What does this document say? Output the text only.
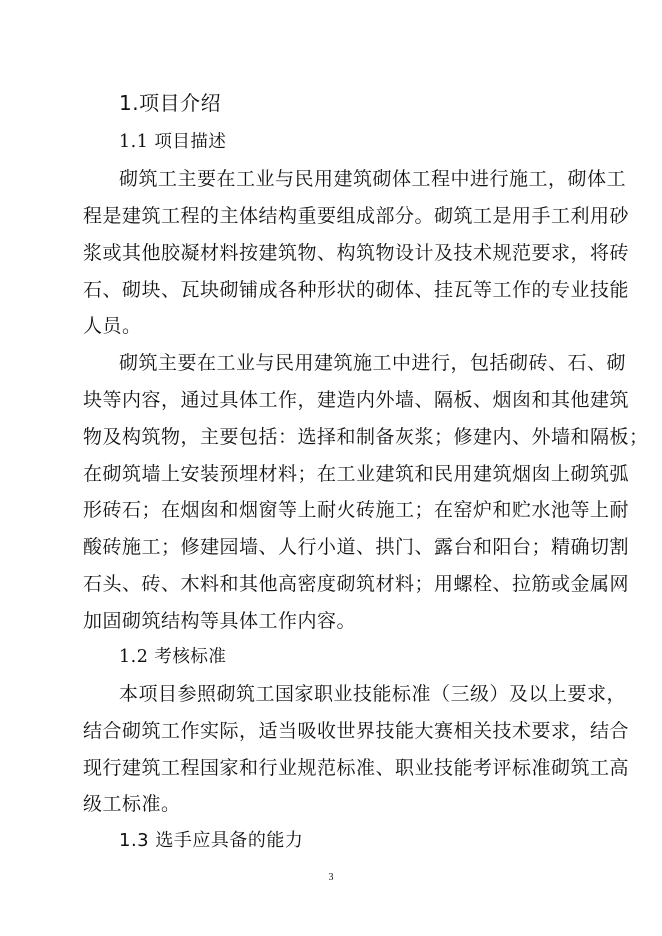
1.项目介绍
1.1 项目描述
砌筑工主要在工业与民用建筑砌体工程中进行施工，砌体工
程是建筑工程的主体结构重要组成部分。砌筑工是用手工利用砂
浆或其他胶凝材料按建筑物、构筑物设计及技术规范要求，将砖
石、砌块、瓦块砌铺成各种形状的砌体、挂瓦等工作的专业技能
人员。
砌筑主要在工业与民用建筑施工中进行，包括砌砖、石、砌
块等内容，通过具体工作，建造内外墙、隔板、烟囱和其他建筑
物及构筑物，主要包括：选择和制备灰浆；修建内、外墙和隔板；
在砌筑墙上安装预埋材料；在工业建筑和民用建筑烟囱上砌筑弧
形砖石；在烟囱和烟窗等上耐火砖施工；在窑炉和贮水池等上耐
酸砖施工；修建园墙、人行小道、拱门、露台和阳台；精确切割
石头、砖、木料和其他高密度砌筑材料；用螺栓、拉筋或金属网
加固砌筑结构等具体工作内容。
1.2 考核标准
本项目参照砌筑工国家职业技能标准（三级）及以上要求，
结合砌筑工作实际，适当吸收世界技能大赛相关技术要求，结合
现行建筑工程国家和行业规范标准、职业技能考评标准砌筑工高
级工标准。
1.3 选手应具备的能力
3
